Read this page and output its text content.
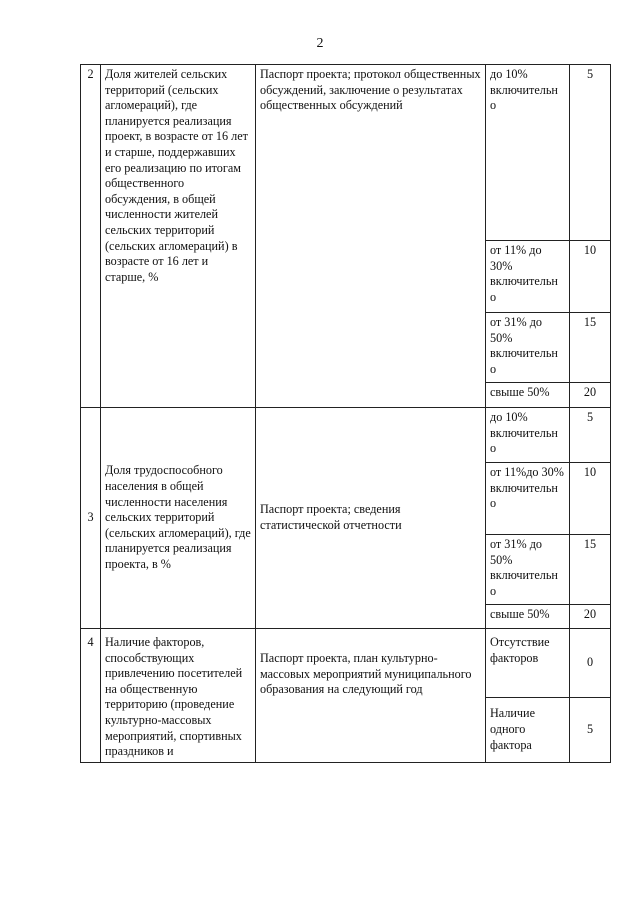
2
2	Доля жителей сельских территорий (сельских агломераций), где планируется реализация проект, в возрасте от 16 лет и старше, поддержавших его реализацию по итогам общественного обсуждения, в общей численности жителей сельских территорий (сельских агломераций) в возрасте от 16 лет и старше, %	Паспорт проекта; протокол общественных обсуждений, заключение о результатах общественных обсуждений	до 10% включительн о	5
			от 11% до 30% включительн о	10
			от 31% до 50% включительн о	15
			свыше 50%	20
3	Доля трудоспособного населения в общей численности населения сельских территорий (сельских агломераций), где планируется реализация проекта, в %	Паспорт проекта; сведения статистической отчетности	до 10% включительн о	5
			от 11%до 30% включительн о	10
			от 31% до 50% включительн о	15
			свыше 50%	20
4	Наличие факторов, способствующих привлечению посетителей на общественную территорию (проведение культурно-массовых мероприятий, спортивных праздников и	Паспорт проекта, план культурно-массовых мероприятий муниципального образования на следующий год	Отсутствие факторов	0
			Наличие одного фактора	5
